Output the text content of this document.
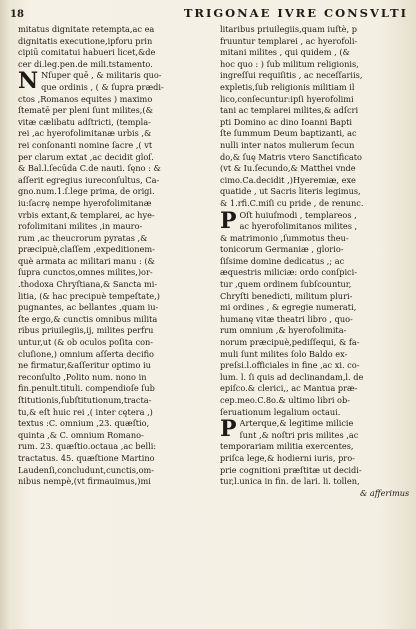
18	TRIGONAE IVRE CONSVLTI
mitatus dignitate retempta,ac ea
dignitatis executione,ipforu prin
cipiū comitatui habueri licet,&de
cer di.leg.pen.de mili.tstamento.
N Nſuper quē , & militaris quo-
que ordinis , ( & ſupra prædi-
ctos ,Romanos equites ) maximo
ſtematē per pleni ſunt milites,(&
vitæ cælibatu adſtricti, (templa-
rei ,ac hyerofolimitanæ urbis ,&
rei conſonanti nomine ſacre ,( vt
per clarum extat ,ac decidit gloſ.
& Bal.l.ſecūda C.de nauti. ſęno : &
aſſerit egregius iureconſultus, Ca-
gno.num.1.ſ.lege prima, de origi.
iu:ſacrę nempe hyerofolimitanæ
vrbis extant,& templarei, ac hye-
rofolimitani milites ,in mauro-
rum ,ac theucrorum pyratas ,&
præcipuè,claſſem ,expeditionem-
què armata ac militari manu : (&
ſupra cunctos,omnes milites,)or-
.thodoxa Chryſtiana,& Sancta mi-
litia, (& hac precipuè tempeſtate,)
pugnantes, ac bellantes ,quam iu-
ſte ergo,& cunctis omnibus milita
ribus priuilegiis,ij, milites perfru
untur,ut (& ob oculos poſita con-
cluſione,) omnium aſſerta decifio
ne firmatur,&aſſeritur optimo iu
reconſulto ,Polito num. nono in
fin.penult.tituli. compendioſe ſub
ſtitutionis,ſubſtitutionum,tracta-
tu,& eſt huic rei ,( inter cętera ,)
textus :C. omnium ,23. quæſtio,
quinta ,& C. omnium Romano-
rum. 23. quæſtio.octaua ,ac belli:
tractatus. 45. quæſtione Martino
Laudenſi,concludunt,cunctis,om-
nibus nempè,(vt firmauimus,)mi
litaribus priuilegiis,quam iuſtè, p
fruuntur templarei , ac hyerofoli-
mitani milites , qui quidem , (&
hoc quo : ) ſub militum religionis,
ingreſſui requiſitis , ac neceſſariis,
expletis,ſub religionis militiam il
lico,conſecuntur:ipſi hyerofolimi
tani ac templarei milites,& adſcri
pti Domino ac dino Ioanni Bapti
ſte ſummum Deum baptizanti, ac
nulli inter natos mulierum ſecun
do,& ſuę Matris vtero Sanctificato
(vt & Iu.ſecundo,& Matthei vnde
cimo.Ca.decidit ,)Hyeremiæ, exe
quatide , ut Sacris literis legimus,
& 1.rfi.C.miſi cu pride , de renunc.
P Oſt huiuſmodi , templareos ,
ac hyerofolimitanos milites ,
& matrimonio ,ſummotus theu-
tonicorum Germaniæ , glorio-
ſiſsime domine dedicatus ,; ac
æquestris miliciæ: ordo conſpici-
tur ,quem ordinem ſubſcountur,
Chryſti benedicti, militum pluri-
mi ordines , & egregie numerati,
humanę vitæ theatri libro , quo-
rum omnium ,& hyerofolimita-
norum præcipuè,pediſſequi, & fa-
muli ſunt milites ſolo Baldo ex-
preſsi.l.officiales in fine ,ac xi. co-
lum. l. ſi quis ad declinandam,l. de
epiſco.& clerici,, ac Mantua præ-
cep.meo.C.8o.& ultimo libri ob-
ſeruationum legalium octaui.
P Arterque,& legitime milicie
ſunt ,& noſtri pris milites ,ac
temporariam militia exercentes,
priſca lege,& hodierni iuris, pro-
prie cognitioni præſtitæ ut decidi-
tur,l.unica in fin. de lari. li. tollen,
& afferimus
